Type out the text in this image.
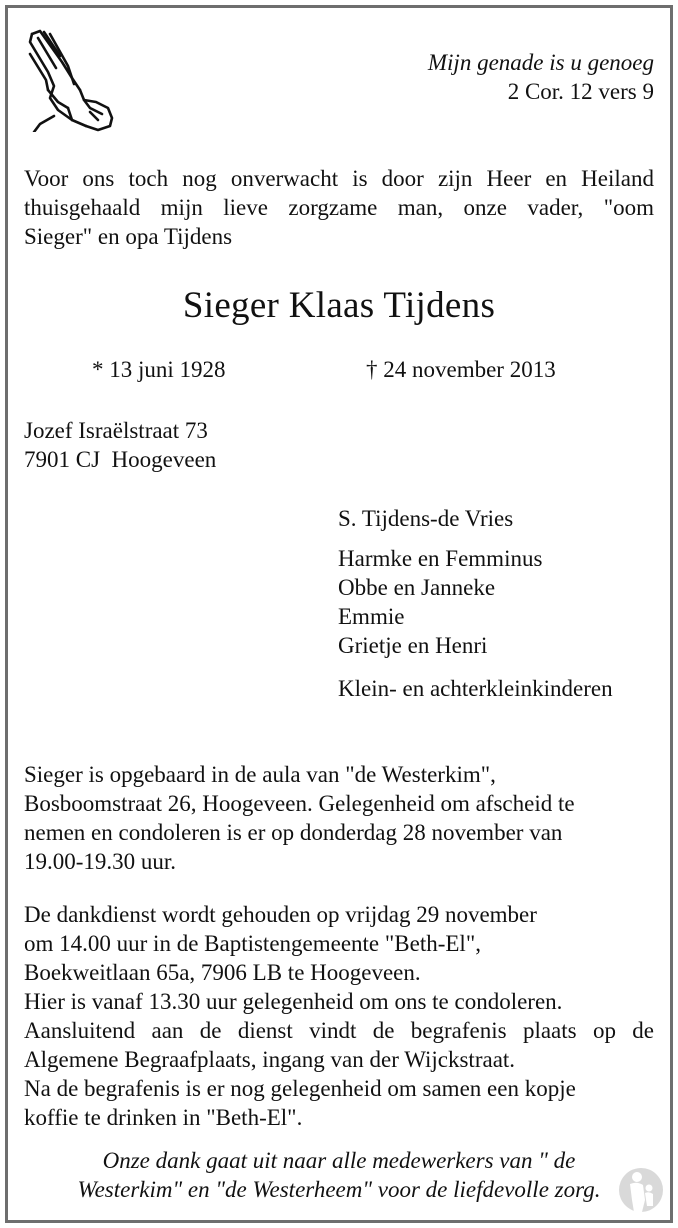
Mijn genade is u genoeg
2 Cor. 12 vers 9
Voor ons toch nog onverwacht is door zijn Heer en Heiland
thuisgehaald mijn lieve zorgzame man, onze vader, "oom
Sieger" en opa Tijdens
Sieger Klaas Tijdens
* 13 juni 1928	† 24 november 2013
Jozef Israëlstraat 73
7901 CJ  Hoogeveen
S. Tijdens-de Vries
Harmke en Femminus
Obbe en Janneke
Emmie
Grietje en Henri
Klein- en achterkleinkinderen
Sieger is opgebaard in de aula van "de Westerkim",
Bosboomstraat 26, Hoogeveen. Gelegenheid om afscheid te
nemen en condoleren is er op donderdag 28 november van
19.00-19.30 uur.
De dankdienst wordt gehouden op vrijdag 29 november
om 14.00 uur in de Baptistengemeente "Beth-El",
Boekweitlaan 65a, 7906 LB te Hoogeveen.
Hier is vanaf 13.30 uur gelegenheid om ons te condoleren.
Aansluitend aan de dienst vindt de begrafenis plaats op de
Algemene Begraafplaats, ingang van der Wijckstraat.
Na de begrafenis is er nog gelegenheid om samen een kopje
koffie te drinken in "Beth-El".
Onze dank gaat uit naar alle medewerkers van " de
Westerkim" en "de Westerheem" voor de liefdevolle zorg.
